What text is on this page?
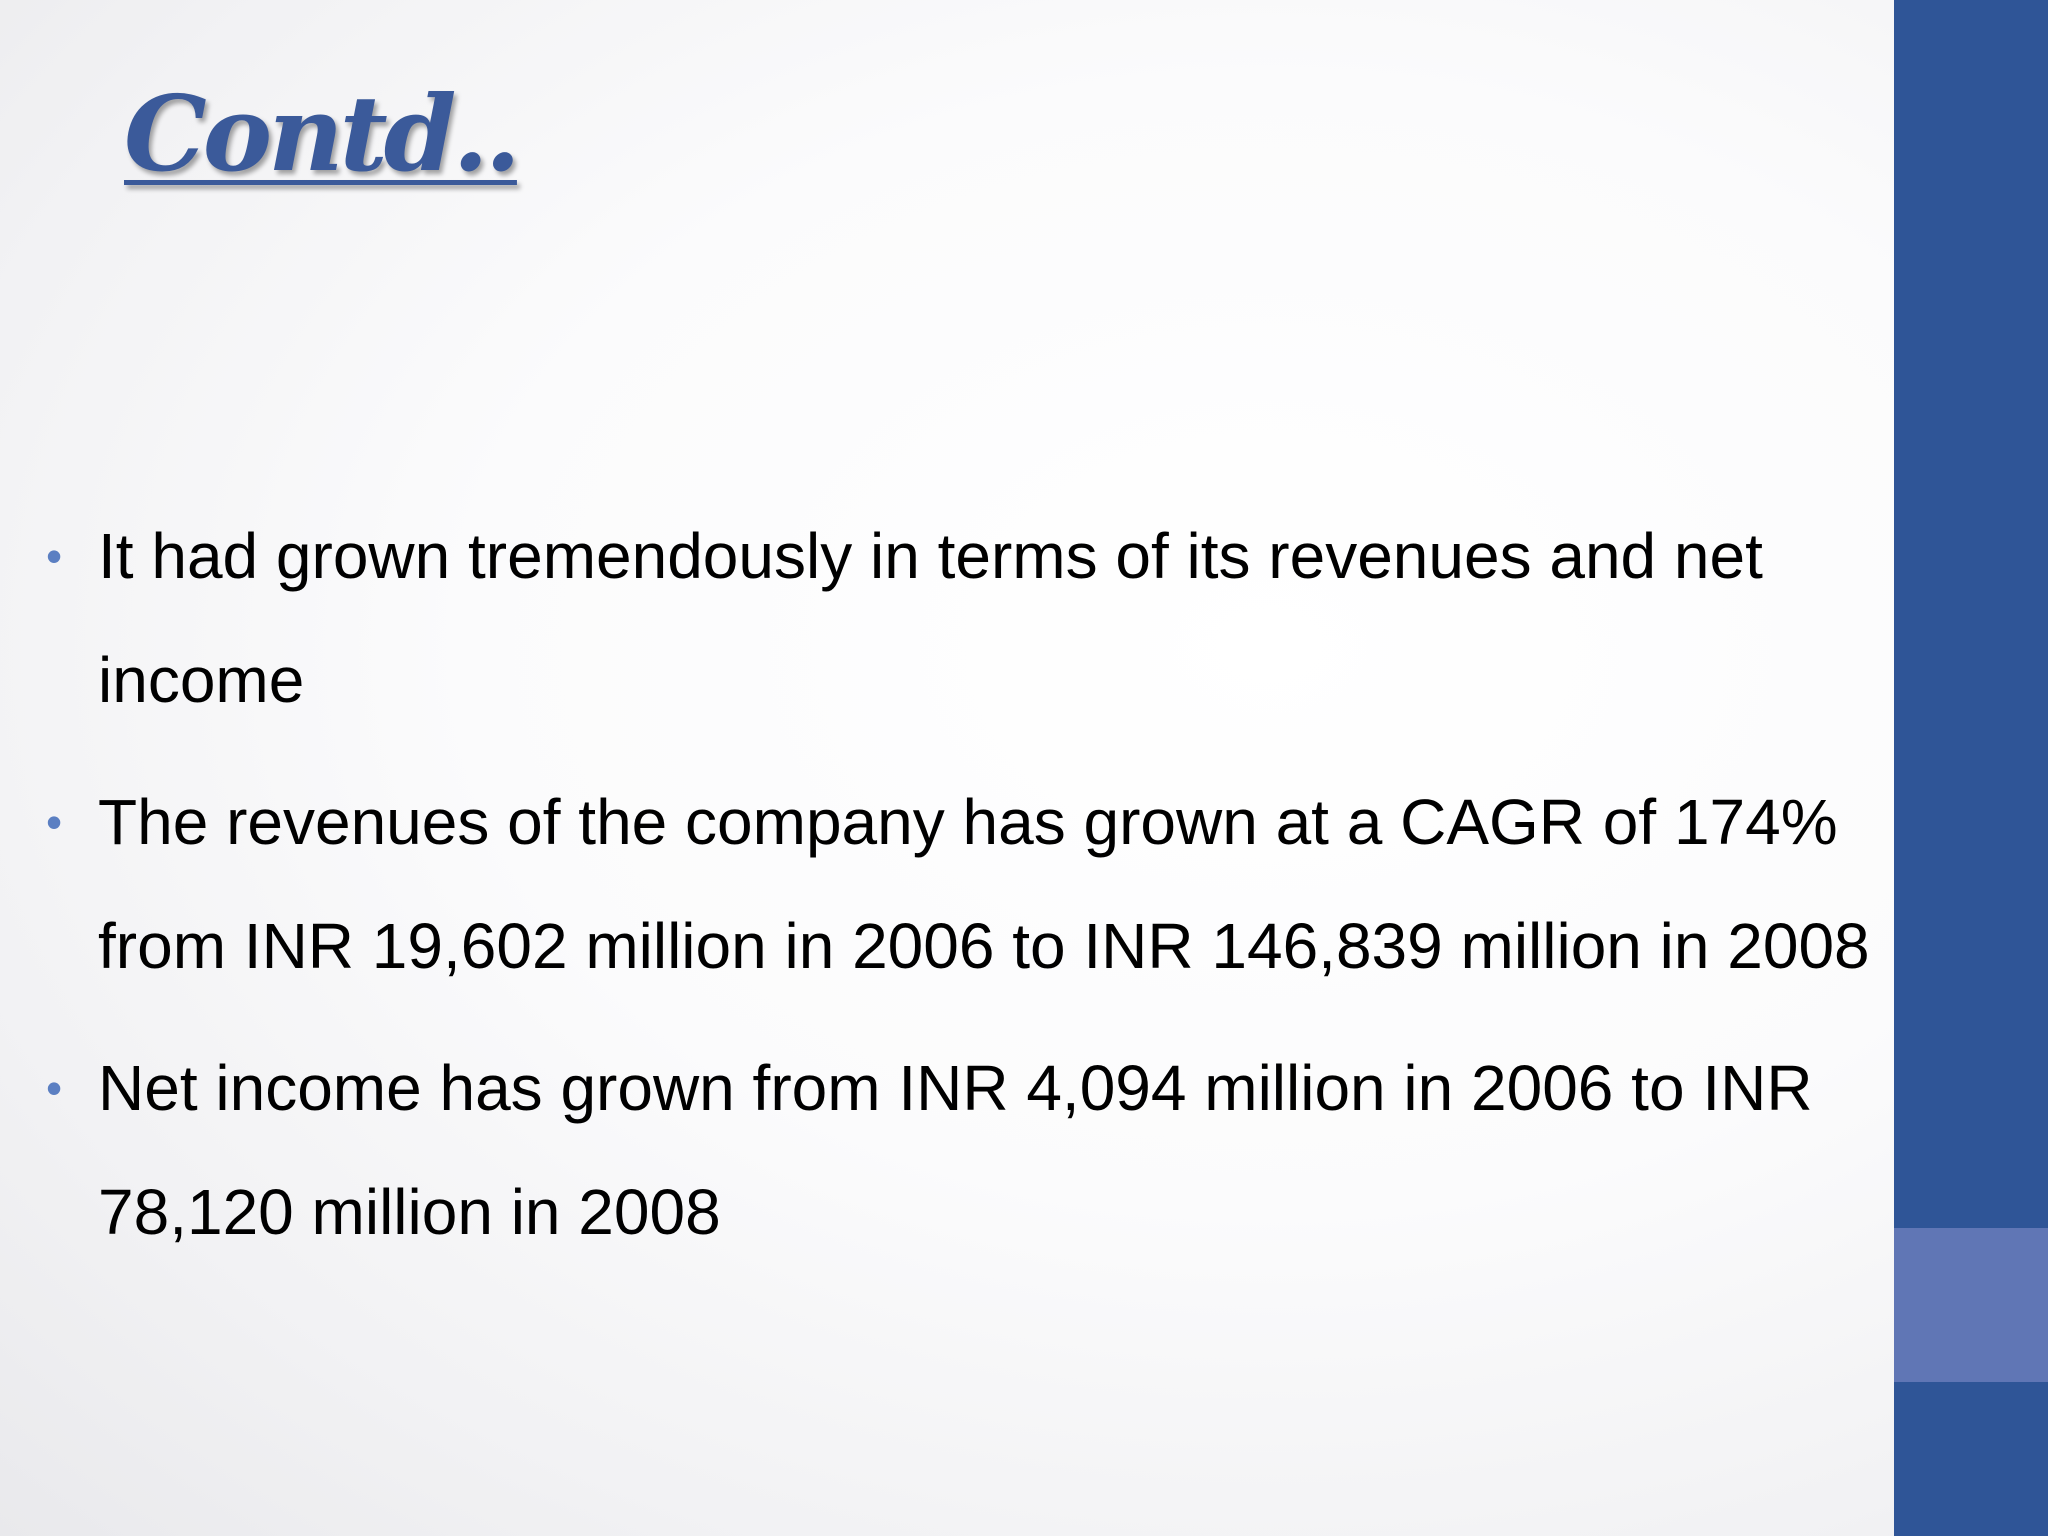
Contd..
• It had grown tremendously in terms of its revenues and net income
• The revenues of the company has grown at a CAGR of 174% from INR 19,602 million in 2006 to INR 146,839 million in 2008
• Net income has grown from INR 4,094 million in 2006 to INR 78,120 million in 2008
